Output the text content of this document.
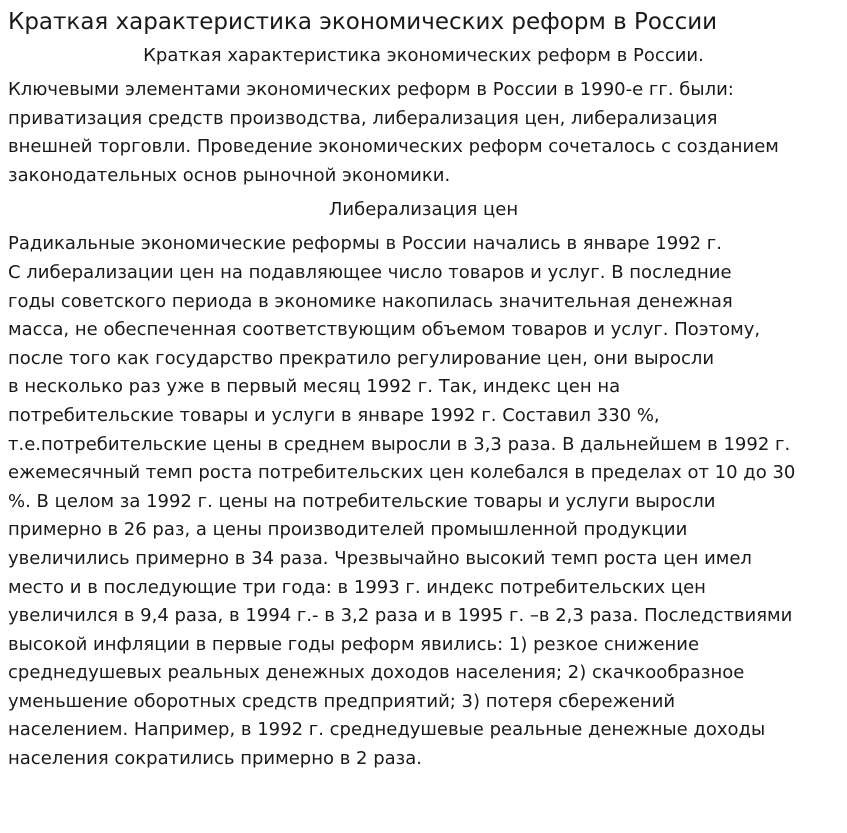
Краткая характеристика экономических реформ в России
Краткая характеристика экономических реформ в России.

Ключевыми элементами экономических реформ в России в 1990-е гг. были:
приватизация средств производства, либерализация цен, либерализация
внешней торговли. Проведение экономических реформ сочеталось с созданием
законодательных основ рыночной экономики.

Либерализация цен

Радикальные экономические реформы в России начались в январе 1992 г.
С либерализации цен на подавляющее число товаров и услуг. В последние
годы советского периода в экономике накопилась значительная денежная
масса, не обеспеченная соответствующим объемом товаров и услуг. Поэтому,
после того как государство прекратило регулирование цен, они выросли
в несколько раз уже в первый месяц 1992 г. Так, индекс цен на
потребительские товары и услуги в январе 1992 г. Составил 330 %,
т.е.потребительские цены в среднем выросли в 3,3 раза. В дальнейшем в 1992 г.
ежемесячный темп роста потребительских цен колебался в пределах от 10 до 30
%. В целом за 1992 г. цены на потребительские товары и услуги выросли
примерно в 26 раз, а цены производителей промышленной продукции
увеличились примерно в 34 раза. Чрезвычайно высокий темп роста цен имел
место и в последующие три года: в 1993 г. индекс потребительских цен
увеличился в 9,4 раза, в 1994 г.- в 3,2 раза и в 1995 г. –в 2,3 раза. Последствиями
высокой инфляции в первые годы реформ явились: 1) резкое снижение
среднедушевых реальных денежных доходов населения; 2) скачкообразное
уменьшение оборотных средств предприятий; 3) потеря сбережений
населением. Например, в 1992 г. среднедушевые реальные денежные доходы
населения сократились примерно в 2 раза.
